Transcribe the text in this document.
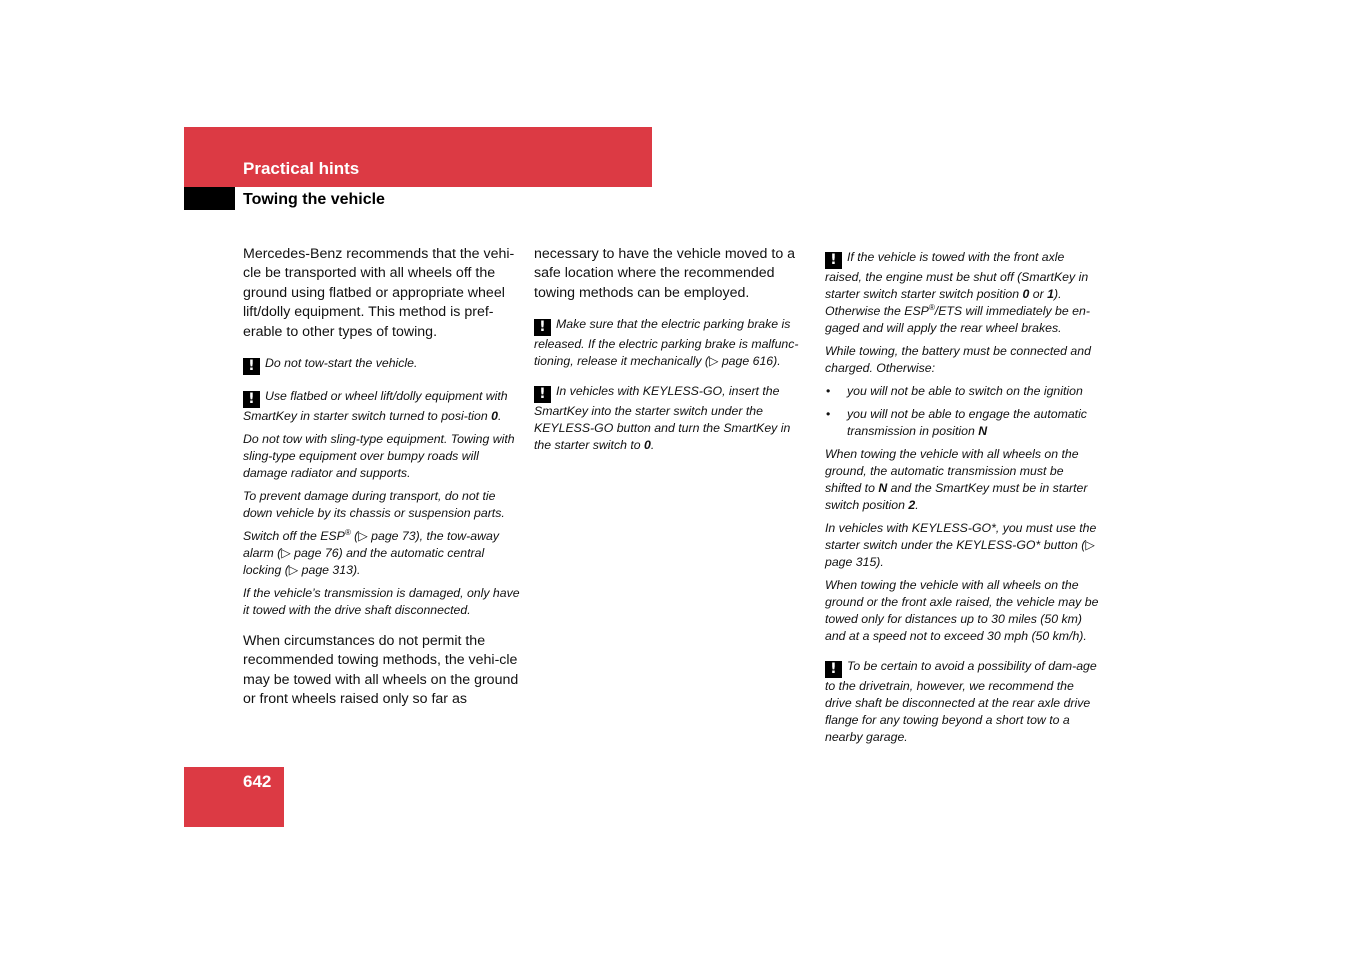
Practical hints
Towing the vehicle

Mercedes-Benz recommends that the vehi-cle be transported with all wheels off the ground using flatbed or appropriate wheel lift/dolly equipment. This method is pref-erable to other types of towing.

! Do not tow-start the vehicle.

! Use flatbed or wheel lift/dolly equipment with SmartKey in starter switch turned to posi-tion 0.

Do not tow with sling-type equipment. Towing with sling-type equipment over bumpy roads will damage radiator and supports.

To prevent damage during transport, do not tie down vehicle by its chassis or suspension parts.

Switch off the ESP® (▷ page 73), the tow-away alarm (▷ page 76) and the automatic central locking (▷ page 313).

If the vehicle’s transmission is damaged, only have it towed with the drive shaft disconnected.

When circumstances do not permit the recommended towing methods, the vehi-cle may be towed with all wheels on the ground or front wheels raised only so far as

necessary to have the vehicle moved to a safe location where the recommended towing methods can be employed.

! Make sure that the electric parking brake is released. If the electric parking brake is malfunc-tioning, release it mechanically (▷ page 616).

! In vehicles with KEYLESS-GO, insert the SmartKey into the starter switch under the KEYLESS-GO button and turn the SmartKey in the starter switch to 0.

! If the vehicle is towed with the front axle raised, the engine must be shut off (SmartKey in starter switch starter switch position 0 or 1). Otherwise the ESP®/ETS will immediately be en-gaged and will apply the rear wheel brakes.

While towing, the battery must be connected and charged. Otherwise:

• you will not be able to switch on the ignition

• you will not be able to engage the automatic transmission in position N

When towing the vehicle with all wheels on the ground, the automatic transmission must be shifted to N and the SmartKey must be in starter switch position 2.

In vehicles with KEYLESS-GO*, you must use the starter switch under the KEYLESS-GO* button (▷ page 315).

When towing the vehicle with all wheels on the ground or the front axle raised, the vehicle may be towed only for distances up to 30 miles (50 km) and at a speed not to exceed 30 mph (50 km/h).

! To be certain to avoid a possibility of dam-age to the drivetrain, however, we recommend the drive shaft be disconnected at the rear axle drive flange for any towing beyond a short tow to a nearby garage.

642
